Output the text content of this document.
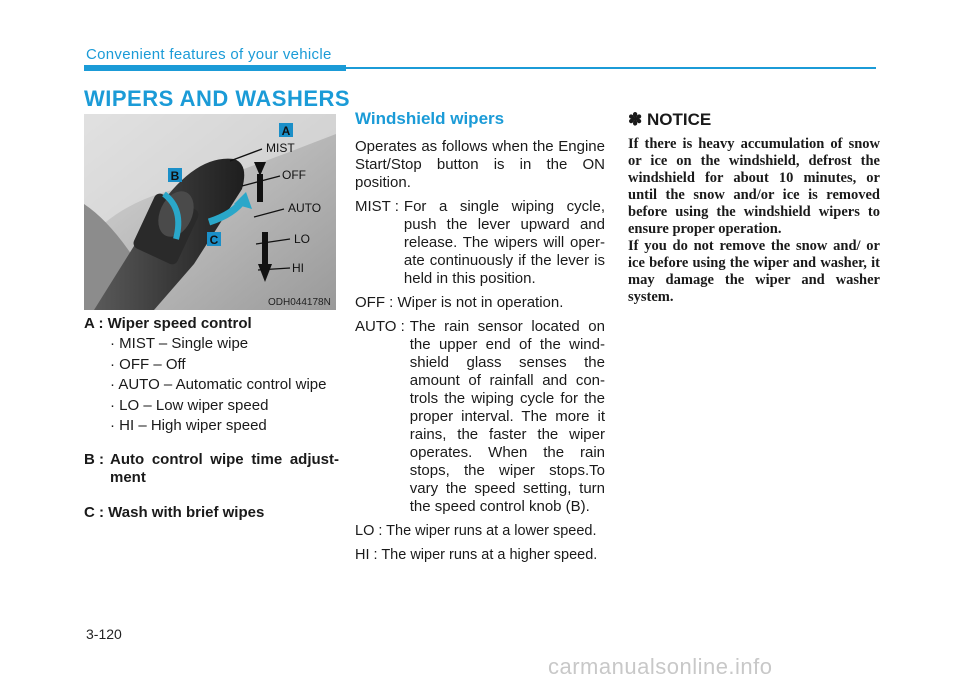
Convenient features of your vehicle
WIPERS AND WASHERS
A
B
C
MIST
OFF
AUTO
LO
HI
ODH044178N

A : Wiper speed control

· MIST – Single wipe

· OFF – Off

· AUTO – Automatic control wipe

· LO – Low wiper speed

· HI – High wiper speed

B : Auto control wipe time adjust-ment

C : Wash with brief wipes

Windshield wipers

Operates as follows when the Engine Start/Stop button is in the ON position.

MIST : For a single wiping cycle, push the lever upward and release. The wipers will oper-ate continuously if the lever is held in this position.

OFF : Wiper is not in operation.

AUTO : The rain sensor located on the upper end of the wind-shield glass senses the amount of rainfall and con-trols the wiping cycle for the proper interval. The more it rains, the faster the wiper operates. When the rain stops, the wiper stops.To vary the speed setting, turn the speed control knob (B).

LO : The wiper runs at a lower speed.

HI : The wiper runs at a higher speed.

✽ NOTICE

If there is heavy accumulation of snow or ice on the windshield, defrost the windshield for about 10 minutes, or until the snow and/or ice is removed before using the windshield wipers to ensure proper operation.

If you do not remove the snow and/ or ice before using the wiper and washer, it may damage the wiper and washer system.

3-120
carmanualsonline.info
